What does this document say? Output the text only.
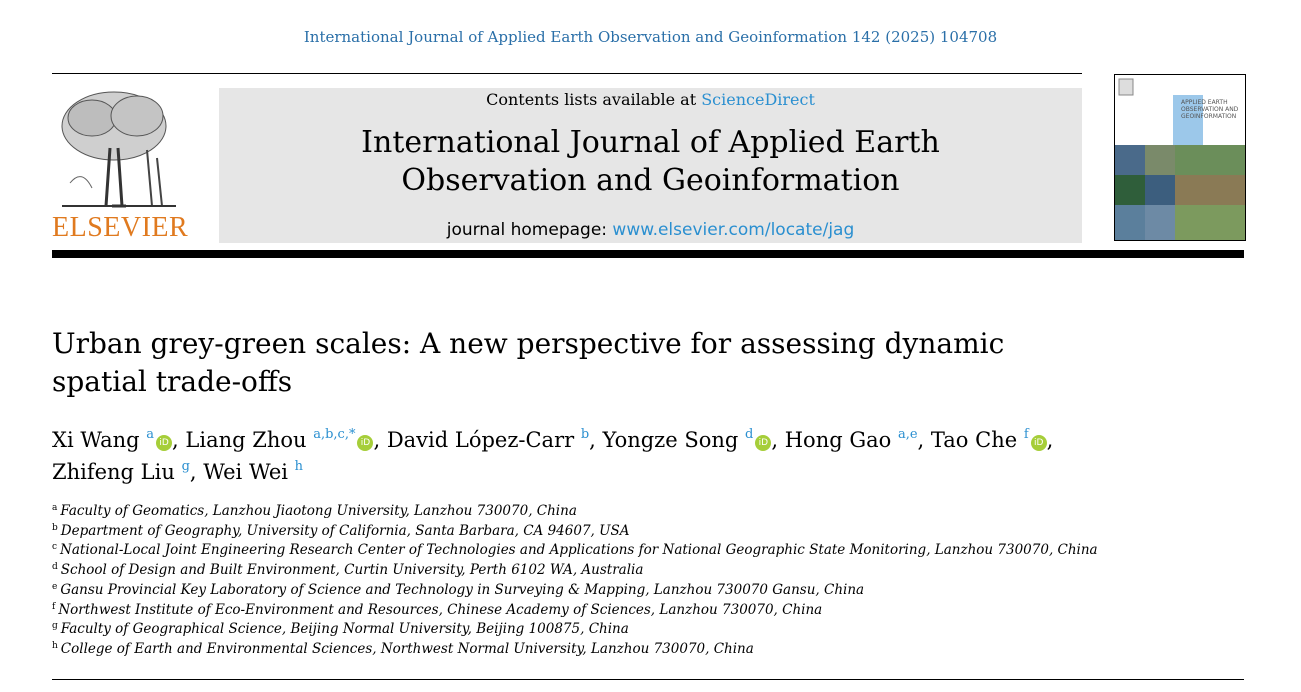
International Journal of Applied Earth Observation and Geoinformation 142 (2025) 104708
ELSEVIER
Contents lists available at ScienceDirect
International Journal of Applied Earth
Observation and Geoinformation
journal homepage: www.elsevier.com/locate/jag
APPLIED EARTH OBSERVATION AND GEOINFORMATION
Urban grey-green scales: A new perspective for assessing dynamic spatial trade-offs
Xi Wang $^a$iD , Liang Zhou $^{a,b,c,*}$iD , David López-Carr $^b$, Yongze Song $^d$iD , Hong Gao $^{a,e}$, Tao Che $^f$iD ,
Zhifeng Liu $^g$, Wei Wei $^h$
$^a$ Faculty of Geomatics, Lanzhou Jiaotong University, Lanzhou 730070, China
$^b$ Department of Geography, University of California, Santa Barbara, CA 94607, USA
$^c$ National-Local Joint Engineering Research Center of Technologies and Applications for National Geographic State Monitoring, Lanzhou 730070, China
$^d$ School of Design and Built Environment, Curtin University, Perth 6102 WA, Australia
$^e$ Gansu Provincial Key Laboratory of Science and Technology in Surveying & Mapping, Lanzhou 730070 Gansu, China
$^f$ Northwest Institute of Eco-Environment and Resources, Chinese Academy of Sciences, Lanzhou 730070, China
$^g$ Faculty of Geographical Science, Beijing Normal University, Beijing 100875, China
$^h$ College of Earth and Environmental Sciences, Northwest Normal University, Lanzhou 730070, China
